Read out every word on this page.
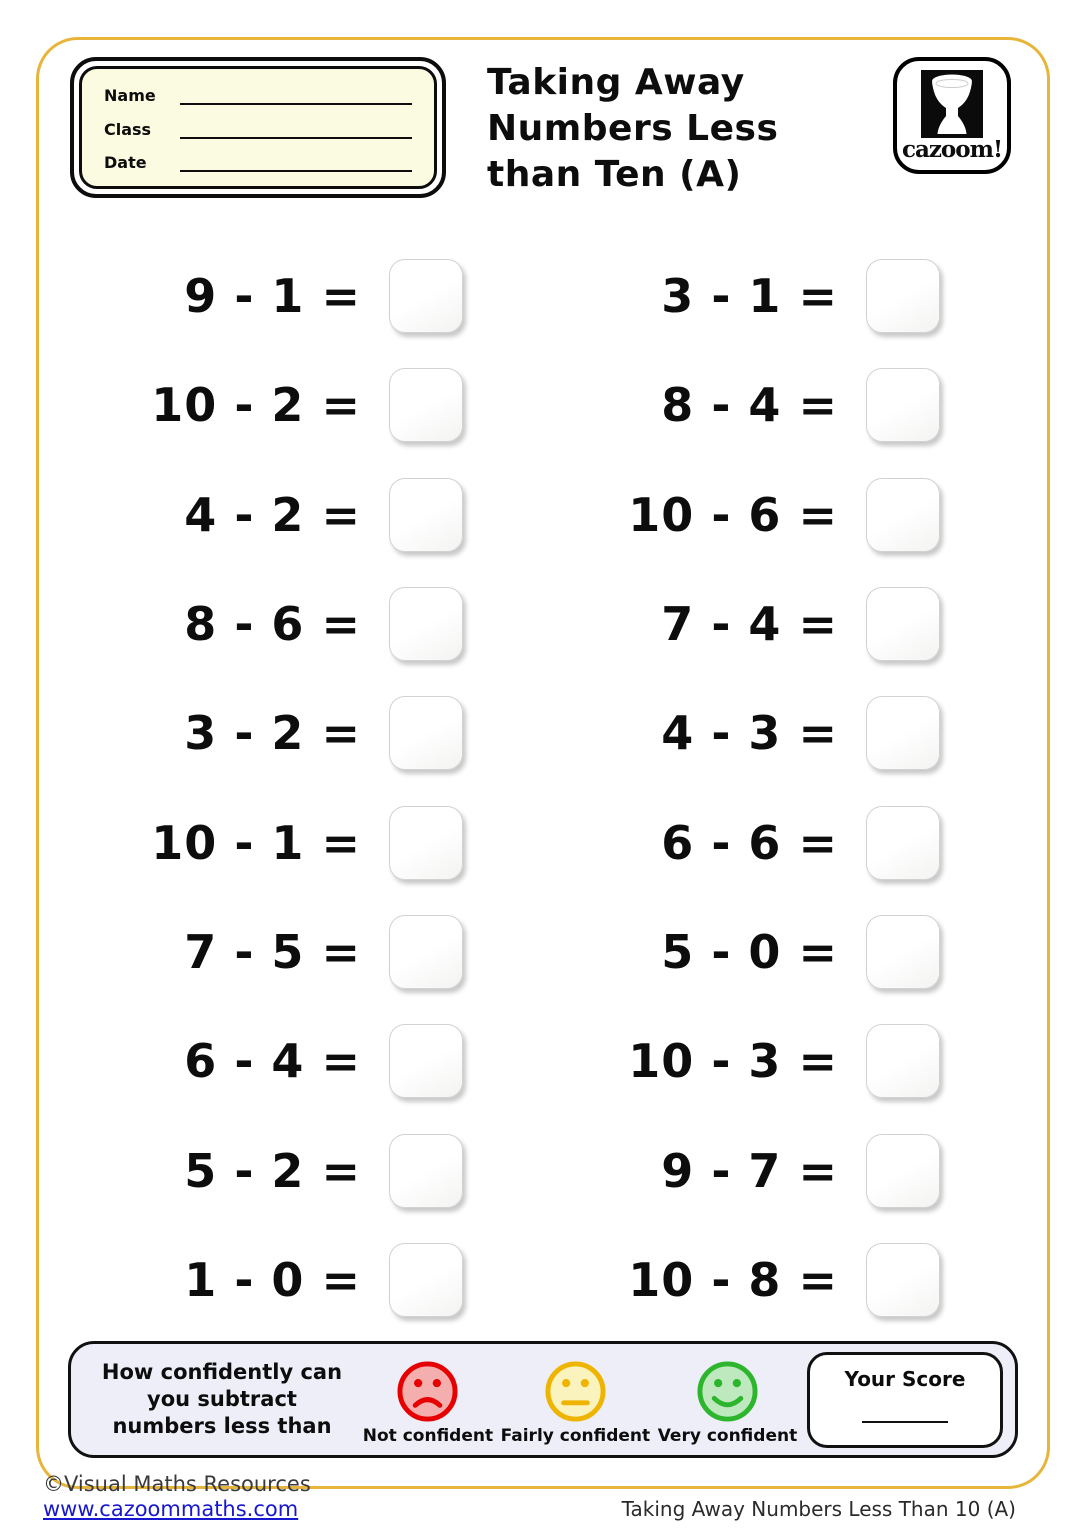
Name
Class
Date
Taking Away
Numbers Less
than Ten (A)
cazoom!
9 - 1 =
10 - 2 =
4 - 2 =
8 - 6 =
3 - 2 =
10 - 1 =
7 - 5 =
6 - 4 =
5 - 2 =
1 - 0 =
3 - 1 =
8 - 4 =
10 - 6 =
7 - 4 =
4 - 3 =
6 - 6 =
5 - 0 =
10 - 3 =
9 - 7 =
10 - 8 =
How confidently can
you subtract
numbers less than	Not confident Fairly confident Very confident
Your Score
©Visual Maths Resources
www.cazoommaths.com	Taking Away Numbers Less Than 10 (A)
